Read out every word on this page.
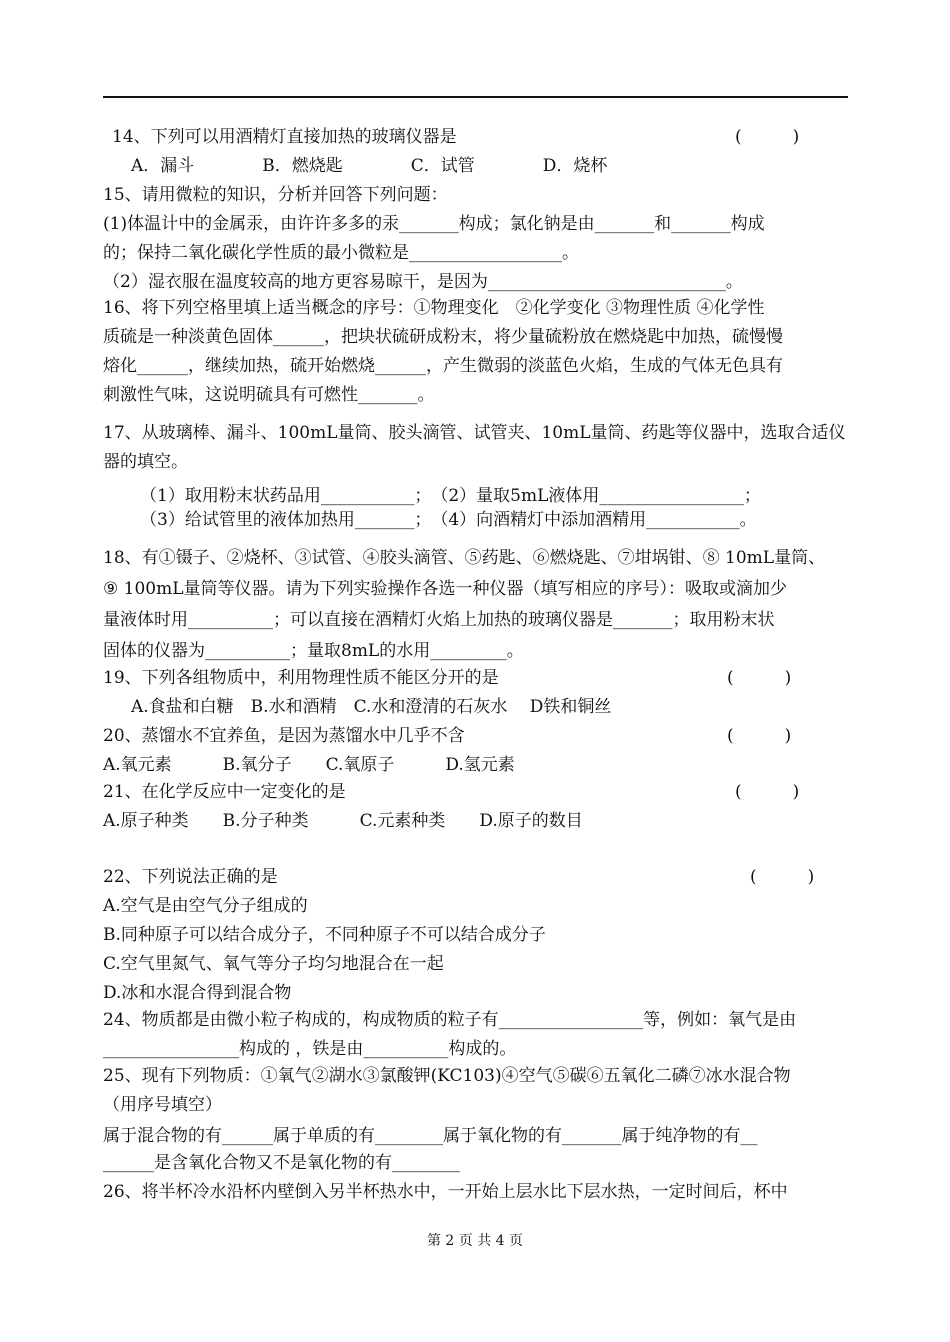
14、下列可以用酒精灯直接加热的玻璃仪器是	(　　　)
A．漏斗　　　　B．燃烧匙　　　　C．试管　　　　D．烧杯
15、请用微粒的知识，分析并回答下列问题：
(1)体温计中的金属汞，由许许多多的汞_______构成；氯化钠是由_______和_______构成
的；保持二氧化碳化学性质的最小微粒是__________________。
（2）湿衣服在温度较高的地方更容易晾干，是因为____________________________。
16、将下列空格里填上适当概念的序号：①物理变化　②化学变化 ③物理性质 ④化学性
质硫是一种淡黄色固体______，把块状硫研成粉末，将少量硫粉放在燃烧匙中加热，硫慢慢
熔化______，继续加热，硫开始燃烧______，产生微弱的淡蓝色火焰，生成的气体无色具有
刺激性气味，这说明硫具有可燃性_______。
17、从玻璃棒、漏斗、100mL量筒、胶头滴管、试管夹、10mL量筒、药匙等仪器中，选取合适仪
器的填空。
（1）取用粉末状药品用___________；　（2）量取5mL液体用_________________；
（3）给试管里的液体加热用_______；　（4）向酒精灯中添加酒精用___________。
18、有①镊子、②烧杯、③试管、④胶头滴管、⑤药匙、⑥燃烧匙、⑦坩埚钳、⑧ 10mL量筒、
⑨ 100mL量筒等仪器。请为下列实验操作各选一种仪器（填写相应的序号）：吸取或滴加少
量液体时用__________；可以直接在酒精灯火焰上加热的玻璃仪器是_______；取用粉末状
固体的仪器为__________；量取8mL的水用_________。
19、下列各组物质中，利用物理性质不能区分开的是	(　　　)
A.食盐和白糖　B.水和酒精　C.水和澄清的石灰水　 D铁和铜丝
20、蒸馏水不宜养鱼，是因为蒸馏水中几乎不含	(　　　)
A.氧元素　　　B.氧分子　　C.氧原子　　　D.氢元素
21、在化学反应中一定变化的是	(　　　)
A.原子种类　　B.分子种类　　　C.元素种类　　D.原子的数目
22、下列说法正确的是	(　　　)
A.空气是由空气分子组成的
B.同种原子可以结合成分子，不同种原子不可以结合成分子
C.空气里氮气、氧气等分子均匀地混合在一起
D.冰和水混合得到混合物
24、物质都是由微小粒子构成的，构成物质的粒子有_________________等，例如：氧气是由
________________构成的 ，铁是由__________构成的。
25、现有下列物质：①氧气②湖水③氯酸钾(KC103)④空气⑤碳⑥五氧化二磷⑦冰水混合物
（用序号填空）
属于混合物的有______属于单质的有________属于氧化物的有_______属于纯净物的有__
______是含氧化合物又不是氧化物的有________
26、将半杯冷水沿杯内壁倒入另半杯热水中，一开始上层水比下层水热，一定时间后，杯中
第 2 页 共 4 页
